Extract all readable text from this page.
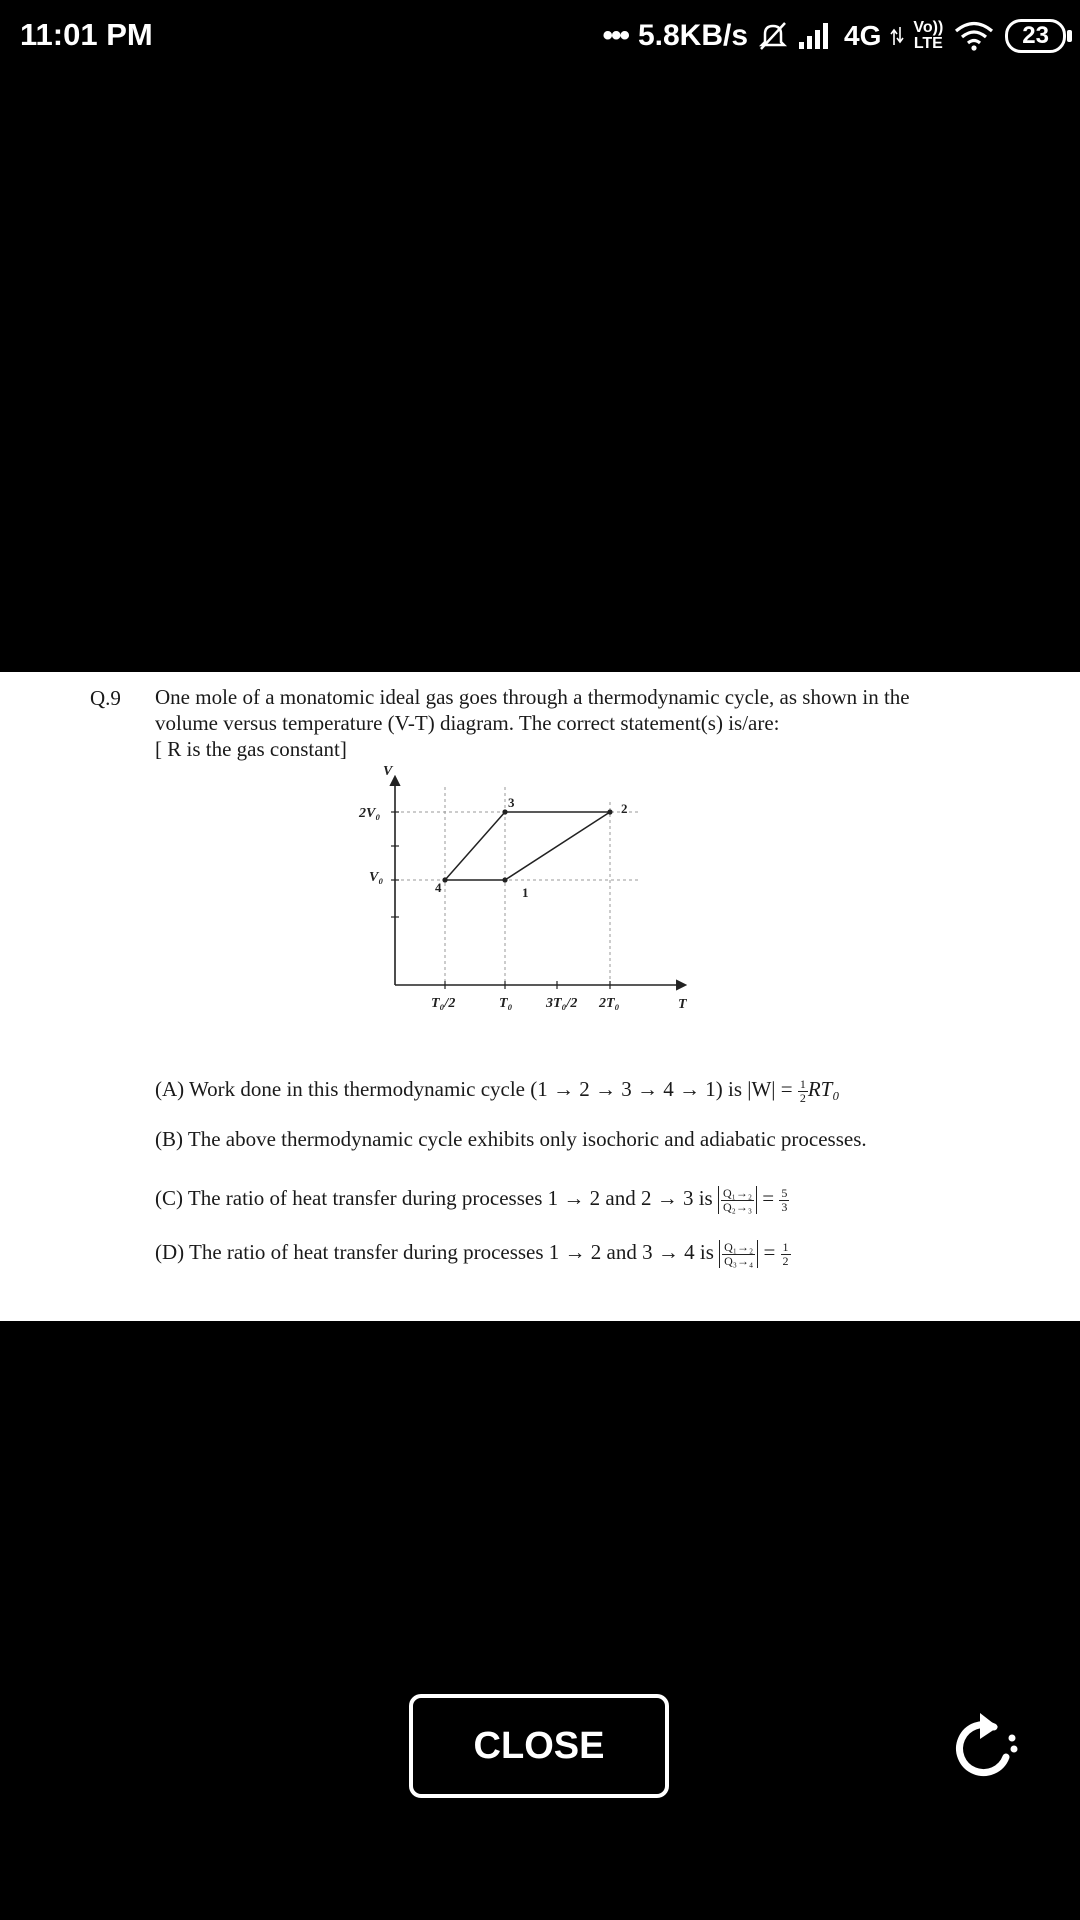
11:01 PM	••• 5.8KB/s	4G Vo))
LTE	23
Q.9 One mole of a monatomic ideal gas goes through a thermodynamic cycle, as shown in the
volume versus temperature (V-T) diagram. The correct statement(s) is/are:
[ R is the gas constant]
V
T
2V₀
V₀
T₀/2	T₀ 3T₀/2 2T₀
1
2
3
4
(A) Work done in this thermodynamic cycle (1 → 2 → 3 → 4 → 1) is $|W| = \frac{1}{2} RT_0$
(B) The above thermodynamic cycle exhibits only isochoric and adiabatic processes.
(C) The ratio of heat transfer during processes 1 → 2 and 2 → 3 is $\frac{\text{Q₁→₂}}{\text{Q₂→₃}} = \frac{5}{3}$
(D) The ratio of heat transfer during processes 1 → 2 and 3 → 4 is $\frac{\text{Q₁→₂}}{\text{Q₃→₄}} = \frac{1}{2}$
CLOSE
